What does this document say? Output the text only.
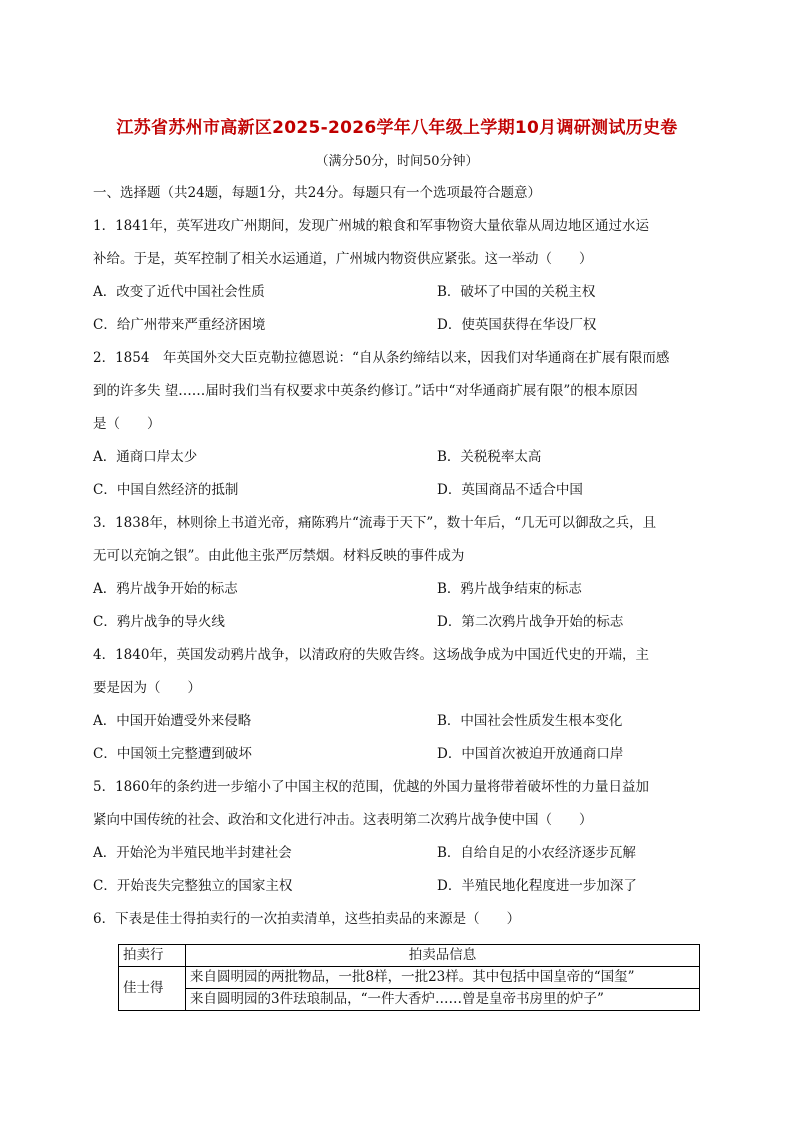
江苏省苏州市高新区2025-2026学年八年级上学期10月调研测试历史卷
（满分50分，时间50分钟）
一、选择题（共24题，每题1分，共24分。每题只有一个选项最符合题意）
1．1841年，英军进攻广州期间，发现广州城的粮食和军事物资大量依靠从周边地区通过水运
补给。于是，英军控制了相关水运通道，广州城内物资供应紧张。这一举动（　　）
A．改变了近代中国社会性质	B．破坏了中国的关税主权
C．给广州带来严重经济困境	D．使英国获得在华设厂权
2．1854　年英国外交大臣克勒拉德恩说：“自从条约缔结以来，因我们对华通商在扩展有限而感
到的许多失 望……届时我们当有权要求中英条约修订。”话中“对华通商扩展有限”的根本原因
是（　　）
A．通商口岸太少	B．关税税率太高
C．中国自然经济的抵制	D．英国商品不适合中国
3．1838年，林则徐上书道光帝，痛陈鸦片“流毒于天下”，数十年后，“几无可以御敌之兵，且
无可以充饷之银”。由此他主张严厉禁烟。材料反映的事件成为
A．鸦片战争开始的标志	B．鸦片战争结束的标志
C．鸦片战争的导火线	D．第二次鸦片战争开始的标志
4．1840年，英国发动鸦片战争，以清政府的失败告终。这场战争成为中国近代史的开端，主
要是因为（　　）
A．中国开始遭受外来侵略	B．中国社会性质发生根本变化
C．中国领土完整遭到破坏	D．中国首次被迫开放通商口岸
5．1860年的条约进一步缩小了中国主权的范围，优越的外国力量将带着破坏性的力量日益加
紧向中国传统的社会、政治和文化进行冲击。这表明第二次鸦片战争使中国（　　）
A．开始沦为半殖民地半封建社会	B．自给自足的小农经济逐步瓦解
C．开始丧失完整独立的国家主权	D．半殖民地化程度进一步加深了
6．下表是佳士得拍卖行的一次拍卖清单，这些拍卖品的来源是（　　）
拍卖行	拍卖品信息
佳士得	来自圆明园的两批物品，一批8样，一批23样。其中包括中国皇帝的“国玺”
	来自圆明园的3件珐琅制品，“一件大香炉……曾是皇帝书房里的炉子”
